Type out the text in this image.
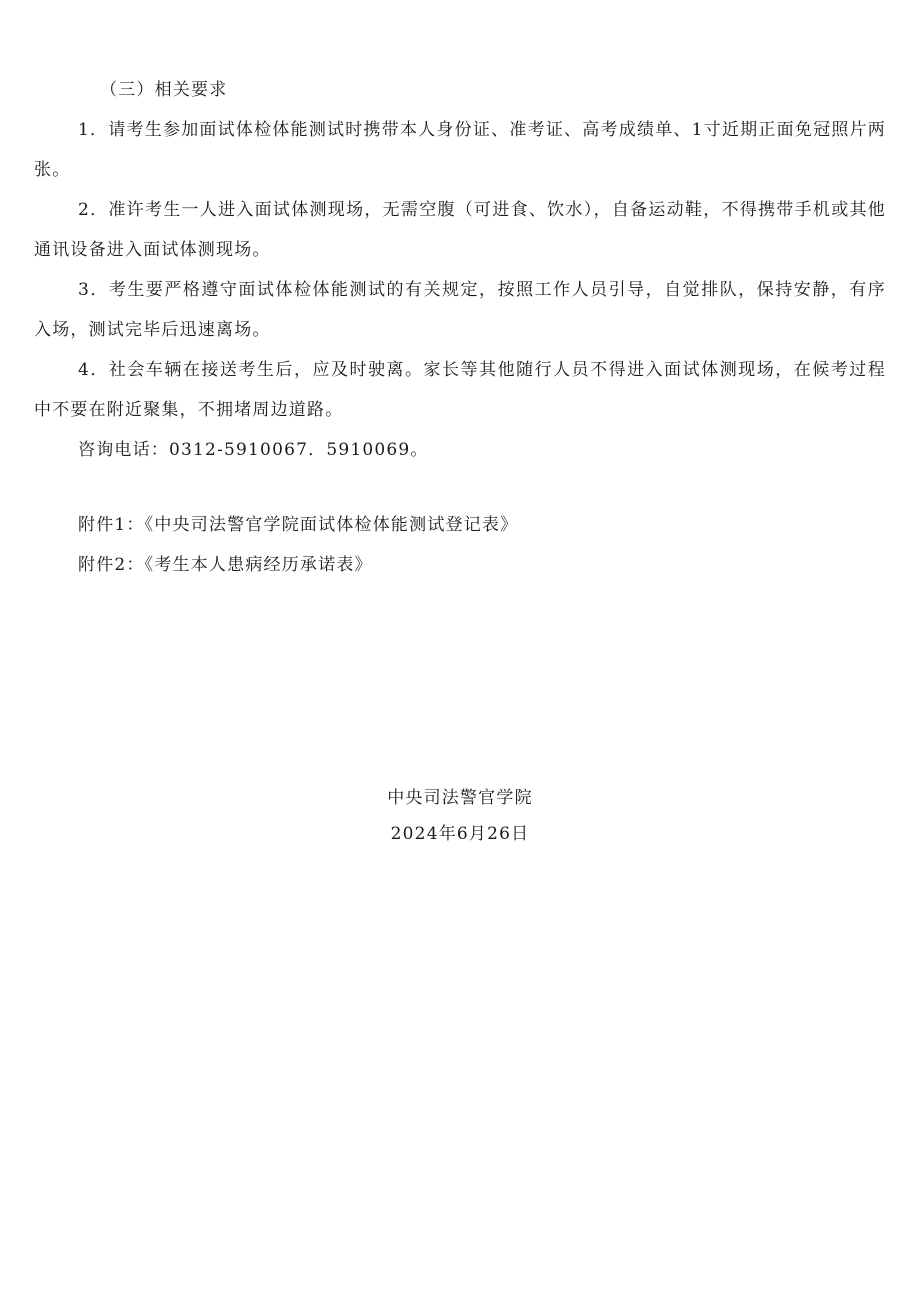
（三）相关要求

1．请考生参加面试体检体能测试时携带本人身份证、准考证、高考成绩单、1寸近期正面免冠照片两张。

2．准许考生一人进入面试体测现场，无需空腹（可进食、饮水），自备运动鞋，不得携带手机或其他通讯设备进入面试体测现场。

3．考生要严格遵守面试体检体能测试的有关规定，按照工作人员引导，自觉排队，保持安静，有序入场，测试完毕后迅速离场。

4．社会车辆在接送考生后，应及时驶离。家长等其他随行人员不得进入面试体测现场，在候考过程中不要在附近聚集，不拥堵周边道路。

咨询电话：0312-5910067．5910069。

附件1：《中央司法警官学院面试体检体能测试登记表》

附件2：《考生本人患病经历承诺表》

中央司法警官学院

2024年6月26日
